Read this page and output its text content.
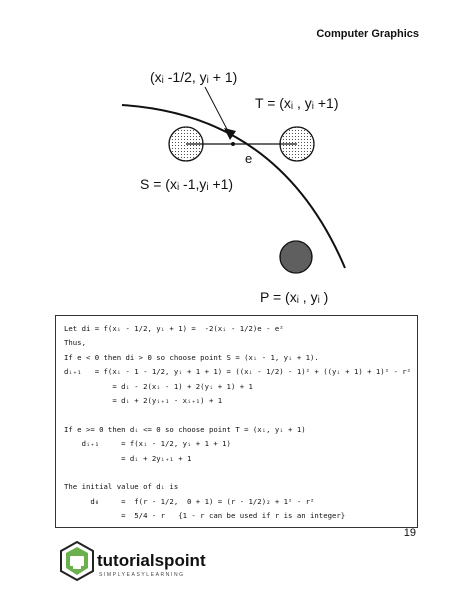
Computer Graphics
(xᵢ -1/2, yᵢ + 1)
T = (xᵢ , yᵢ +1)
e
S = (xᵢ -1,yᵢ +1)
P = (xᵢ , yᵢ )
Let di = f(xᵢ - 1/2, yᵢ + 1) =  -2(xᵢ - 1/2)e - e²
Thus,
If e < 0 then di > 0 so choose point S = (xᵢ - 1, yᵢ + 1).
dᵢ₊₁   = f(xᵢ - 1 - 1/2, yᵢ + 1 + 1) = ((xᵢ - 1/2) - 1)² + ((yᵢ + 1) + 1)² - r²
= dᵢ - 2(xᵢ - 1) + 2(yᵢ + 1) + 1
= dᵢ + 2(yᵢ₊₁ - xᵢ₊₁) + 1
If e >= 0 then dᵢ <= 0 so choose point T = (xᵢ, yᵢ + 1)
dᵢ₊₁     = f(xᵢ - 1/2, yᵢ + 1 + 1)
= dᵢ + 2yᵢ₊₁ + 1
The initial value of dᵢ is
d₀     =  f(r - 1/2,  0 + 1) = (r - 1/2)₂ + 1² - r²
=  5/4 - r   {1 - r can be used if r is an integer}
19
tutorialspoint
SIMPLYEASYLEARNING
